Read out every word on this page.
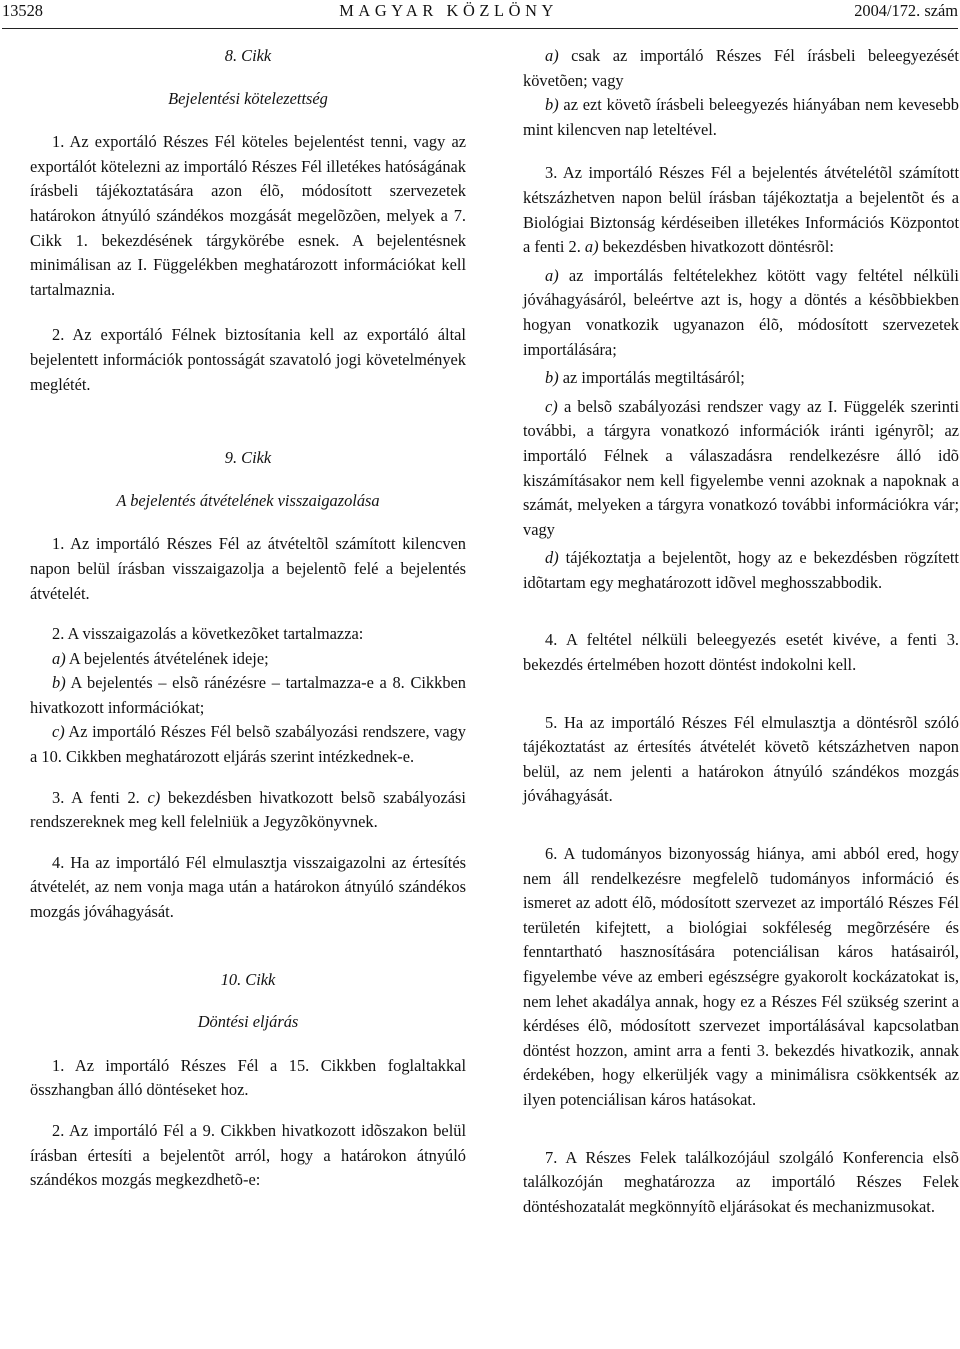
13528	MAGYAR KÖZLÖNY	2004/172. szám

8. Cikk

Bejelentési kötelezettség

1. Az exportáló Részes Fél köteles bejelentést tenni, vagy az exportálót kötelezni az importáló Részes Fél illetékes hatóságának írásbeli tájékoztatására azon élõ, módosított szervezetek határokon átnyúló szándékos mozgását megelõzõen, melyek a 7. Cikk 1. bekezdésének tárgykörébe esnek. A bejelentésnek minimálisan az I. Függelékben meghatározott információkat kell tartalmaznia.

2. Az exportáló Félnek biztosítania kell az exportáló által bejelentett információk pontosságát szavatoló jogi követelmények meglétét.

9. Cikk

A bejelentés átvételének visszaigazolása

1. Az importáló Részes Fél az átvételtõl számított kilencven napon belül írásban visszaigazolja a bejelentõ felé a bejelentés átvételét.

2. A visszaigazolás a következõket tartalmazza:

a) A bejelentés átvételének ideje;

b) A bejelentés – elsõ ránézésre – tartalmazza-e a 8. Cikkben hivatkozott információkat;

c) Az importáló Részes Fél belsõ szabályozási rendszere, vagy a 10. Cikkben meghatározott eljárás szerint intézkednek-e.

3. A fenti 2. c) bekezdésben hivatkozott belsõ szabályozási rendszereknek meg kell felelniük a Jegyzõkönyvnek.

4. Ha az importáló Fél elmulasztja visszaigazolni az értesítés átvételét, az nem vonja maga után a határokon átnyúló szándékos mozgás jóváhagyását.

10. Cikk

Döntési eljárás

1. Az importáló Részes Fél a 15. Cikkben foglaltakkal összhangban álló döntéseket hoz.

2. Az importáló Fél a 9. Cikkben hivatkozott idõszakon belül írásban értesíti a bejelentõt arról, hogy a határokon átnyúló szándékos mozgás megkezdhetõ-e:

a) csak az importáló Részes Fél írásbeli beleegyezését követõen; vagy

b) az ezt követõ írásbeli beleegyezés hiányában nem kevesebb mint kilencven nap leteltével.

3. Az importáló Részes Fél a bejelentés átvételétõl számított kétszázhetven napon belül írásban tájékoztatja a bejelentõt és a Biológiai Biztonság kérdéseiben illetékes Információs Központot a fenti 2. a) bekezdésben hivatkozott döntésrõl:

a) az importálás feltételekhez kötött vagy feltétel nélküli jóváhagyásáról, beleértve azt is, hogy a döntés a késõbbiekben hogyan vonatkozik ugyanazon élõ, módosított szervezetek importálására;

b) az importálás megtiltásáról;

c) a belsõ szabályozási rendszer vagy az I. Függelék szerinti további, a tárgyra vonatkozó információk iránti igényrõl; az importáló Félnek a válaszadásra rendelkezésre álló idõ kiszámításakor nem kell figyelembe venni azoknak a napoknak a számát, melyeken a tárgyra vonatkozó további információkra vár; vagy

d) tájékoztatja a bejelentõt, hogy az e bekezdésben rögzített idõtartam egy meghatározott idõvel meghosszabbodik.

4. A feltétel nélküli beleegyezés esetét kivéve, a fenti 3. bekezdés értelmében hozott döntést indokolni kell.

5. Ha az importáló Részes Fél elmulasztja a döntésrõl szóló tájékoztatást az értesítés átvételét követõ kétszázhetven napon belül, az nem jelenti a határokon átnyúló szándékos mozgás jóváhagyását.

6. A tudományos bizonyosság hiánya, ami abból ered, hogy nem áll rendelkezésre megfelelõ tudományos információ és ismeret az adott élõ, módosított szervezet az importáló Részes Fél területén kifejtett, a biológiai sokféleség megõrzésére és fenntartható hasznosítására potenciálisan káros hatásairól, figyelembe véve az emberi egészségre gyakorolt kockázatokat is, nem lehet akadálya annak, hogy ez a Részes Fél szükség szerint a kérdéses élõ, módosított szervezet importálásával kapcsolatban döntést hozzon, amint arra a fenti 3. bekezdés hivatkozik, annak érdekében, hogy elkerüljék vagy a minimálisra csökkentsék az ilyen potenciálisan káros hatásokat.

7. A Részes Felek találkozójául szolgáló Konferencia elsõ találkozóján meghatározza az importáló Részes Felek döntéshozatalát megkönnyítõ eljárásokat és mechanizmusokat.
